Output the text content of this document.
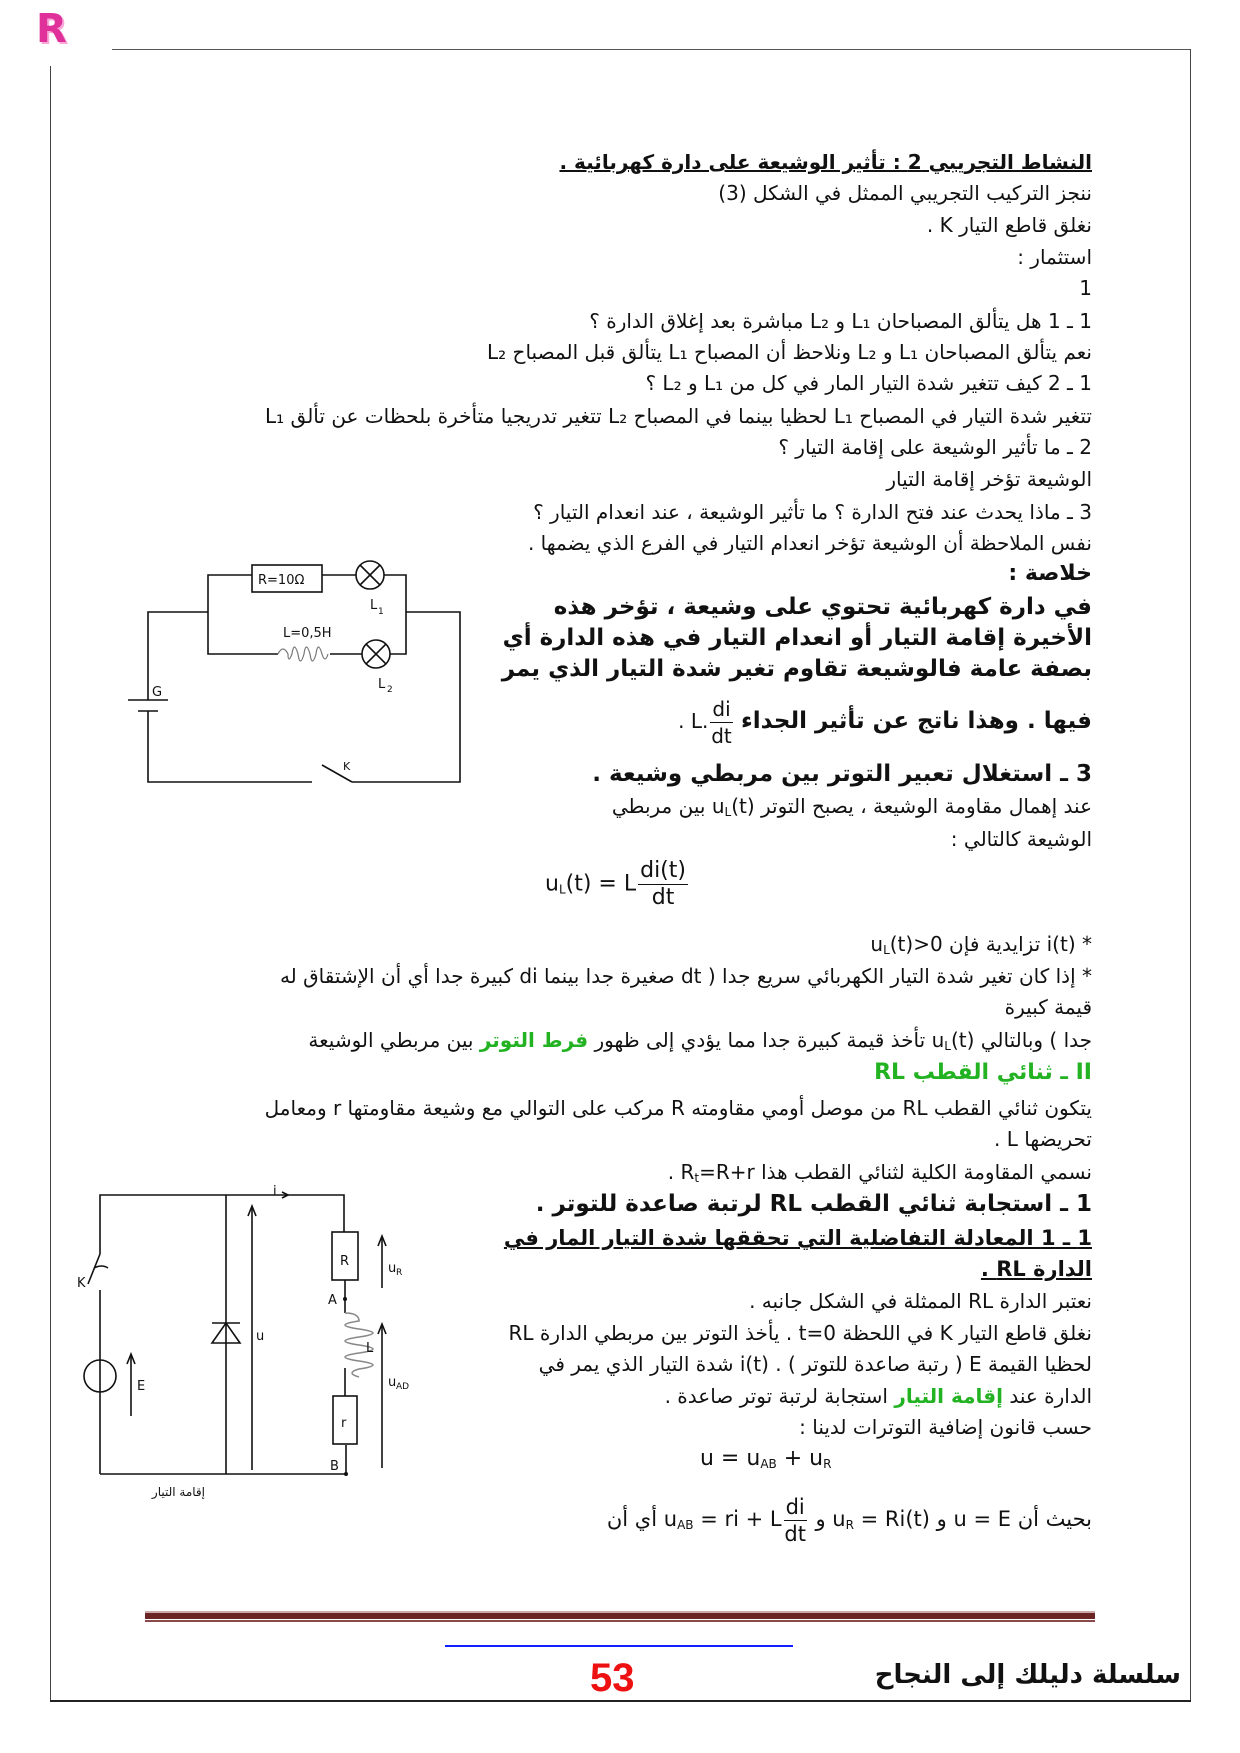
R
النشاط التجريبي 2 : تأثير الوشيعة على دارة كهربائية .
ننجز التركيب التجريبي الممثل في الشكل (3)
نغلق قاطع التيار K .
استثمار :
1
1 ـ 1 هل يتألق المصباحان L₁ و L₂ مباشرة بعد إغلاق الدارة ؟
نعم يتألق المصباحان L₁ و L₂ ونلاحظ أن المصباح L₁ يتألق قبل المصباح L₂
1 ـ 2 كيف تتغير شدة التيار المار في كل من L₁ و L₂ ؟
تتغير شدة التيار في المصباح L₁ لحظيا بينما في المصباح L₂ تتغير تدريجيا متأخرة بلحظات عن تألق L₁
2 ـ ما تأثير الوشيعة على إقامة التيار ؟
الوشيعة تؤخر إقامة التيار
3 ـ ماذا يحدث عند فتح الدارة ؟ ما تأثير الوشيعة ، عند انعدام التيار ؟
نفس الملاحظة أن الوشيعة تؤخر انعدام التيار في الفرع الذي يضمها .
خلاصة :
في دارة كهربائية تحتوي على وشيعة ، تؤخر هذه
الأخيرة إقامة التيار أو انعدام التيار في هذه الدارة أي
بصفة عامة فالوشيعة تقاوم تغير شدة التيار الذي يمر
فيها . وهذا ناتج عن تأثير الجداء L. $\frac{di}{dt}$
.
3 ـ استغلال تعبير التوتر بين مربطي وشيعة .
عند إهمال مقاومة الوشيعة ، يصبح التوتر $u_L(t)$ بين مربطي
الوشيعة كالتالي :
$u_L(t) = L \frac{di(t)}{dt}$
* i(t) تزايدية فإن $u_L(t)>0$
* إذا كان تغير شدة التيار الكهربائي سريع جدا ( dt صغيرة جدا بينما di كبيرة جدا أي أن الإشتقاق له
قيمة كبيرة
جدا ) وبالتالي $u_L(t)$ تأخذ قيمة كبيرة جدا مما يؤدي إلى ظهور فرط التوتر بين مربطي الوشيعة
II ـ ثنائي القطب RL
يتكون ثنائي القطب RL من موصل أومي مقاومته R مركب على التوالي مع وشيعة مقاومتها r ومعامل
تحريضها L .
نسمي المقاومة الكلية لثنائي القطب هذا $R_t=R+r$ .
1 ـ استجابة ثنائي القطب RL لرتبة صاعدة للتوتر .
1 ـ 1 المعادلة التفاضلية التي تحققها شدة التيار المار في
الدارة RL .
نعتبر الدارة RL الممثلة في الشكل جانبه .
نغلق قاطع التيار K في اللحظة t=0 . يأخذ التوتر بين مربطي الدارة RL
لحظيا القيمة E ( رتبة صاعدة للتوتر ) . i(t) شدة التيار الذي يمر في
الدارة عند إقامة التيار استجابة لرتبة توتر صاعدة .
حسب قانون إضافية التوترات لدينا :
$u = u_{AB} + u_R$
بحيث أن u = E و $u_R = Ri(t)$ و $u_{AB}$ = ri + L $\frac{di}{dt}$
أي أن
R=10Ω
L=0,5H
L 1
L 2
G
K
i
K
E
u
R	u R
A
L
u AD
r
B
إقامة التيار
53	سلسلة دليلك إلى النجاح
